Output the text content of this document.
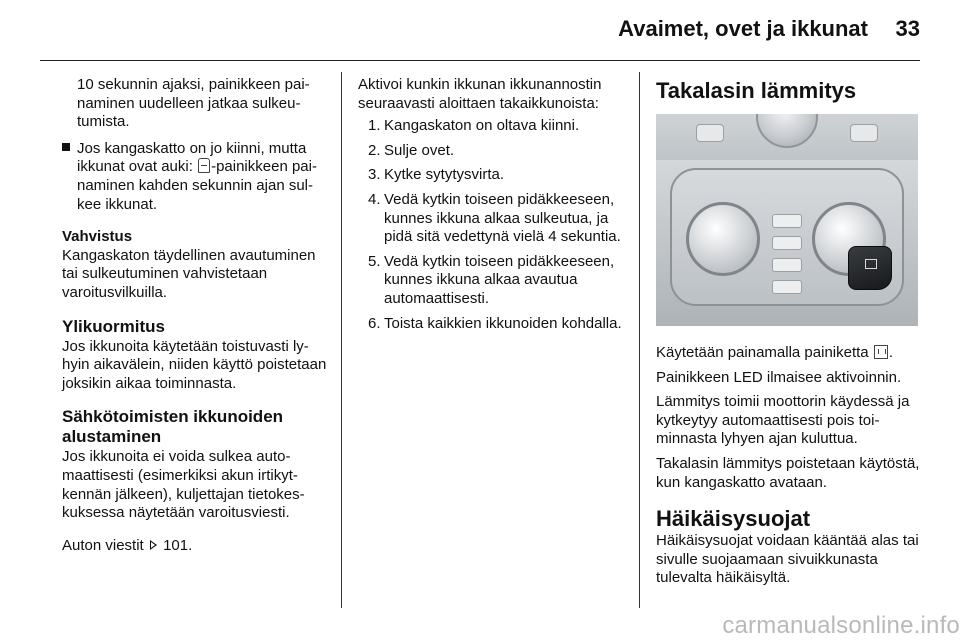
Avaimet, ovet ja ikkunat 33

10 sekunnin ajaksi, painikkeen painaminen uudelleen jatkaa sulkeutumista.

Jos kangaskatto on jo kiinni, mutta ikkunat ovat auki: -painikkeen painaminen kahden sekunnin ajan sulkee ikkunat.

Vahvistus

Kangaskaton täydellinen avautuminen tai sulkeutuminen vahvistetaan varoitusvilkuilla.

Ylikuormitus

Jos ikkunoita käytetään toistuvasti lyhyin aikavälein, niiden käyttö poistetaan joksikin aikaa toiminnasta.

Sähkötoimisten ikkunoiden alustaminen

Jos ikkunoita ei voida sulkea automaattisesti (esimerkiksi akun irtikytkennän jälkeen), kuljettajan tietokeskuksessa näytetään varoitusviesti.

Auton viestit 101.

Aktivoi kunkin ikkunan ikkunannostin seuraavasti aloittaen takaikkunoista:

1. Kangaskaton on oltava kiinni.
2. Sulje ovet.
3. Kytke sytytysvirta.
4. Vedä kytkin toiseen pidäkkeeseen, kunnes ikkuna alkaa sulkeutua, ja pidä sitä vedettynä vielä 4 sekuntia.
5. Vedä kytkin toiseen pidäkkeeseen, kunnes ikkuna alkaa avautua automaattisesti.
6. Toista kaikkien ikkunoiden kohdalla.
Takalasin lämmitys

Käytetään painamalla painiketta .

Painikkeen LED ilmaisee aktivoinnin.

Lämmitys toimii moottorin käydessä ja kytkeytyy automaattisesti pois toiminnasta lyhyen ajan kuluttua.

Takalasin lämmitys poistetaan käytöstä, kun kangaskatto avataan.

Häikäisysuojat

Häikäisysuojat voidaan kääntää alas tai sivulle suojaamaan sivuikkunasta tulevalta häikäisyltä.

carmanualsonline.info
